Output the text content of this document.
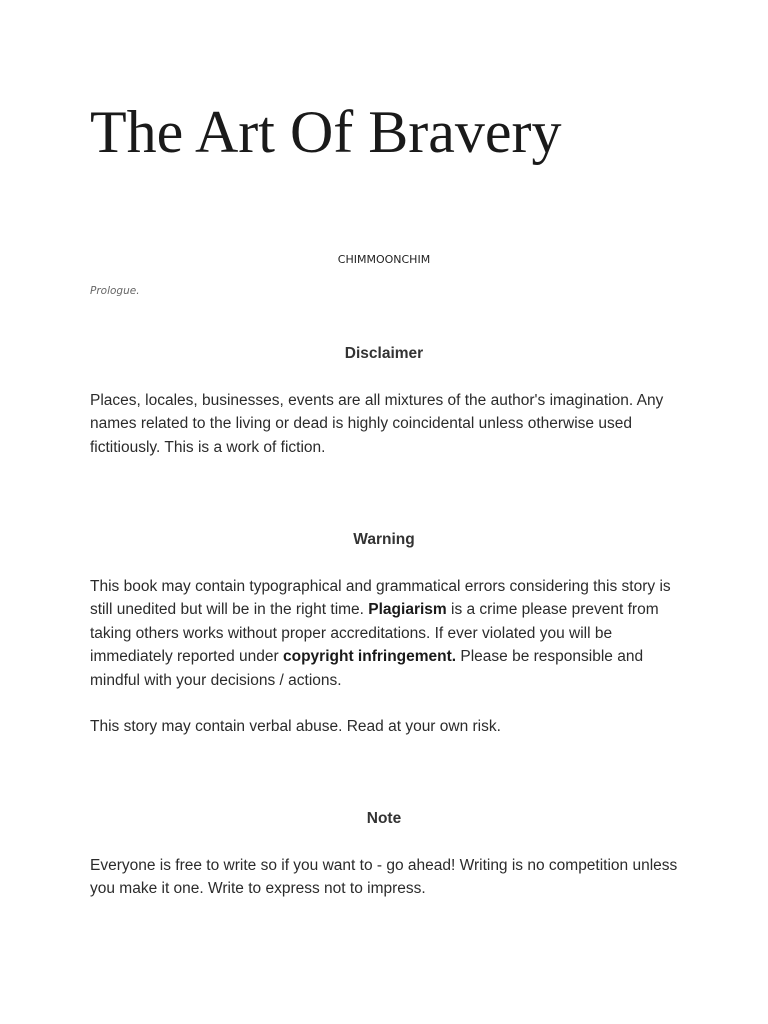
The Art Of Bravery
CHIMMOONCHIM
Prologue.
Disclaimer

Places, locales, businesses, events are all mixtures of the author's imagination. Any names related to the living or dead is highly coincidental unless otherwise used fictitiously. This is a work of fiction.

Warning

This book may contain typographical and grammatical errors considering this story is still unedited but will be in the right time. Plagiarism is a crime please prevent from taking others works without proper accreditations. If ever violated you will be immediately reported under copyright infringement. Please be responsible and mindful with your decisions / actions.

This story may contain verbal abuse. Read at your own risk.

Note

Everyone is free to write so if you want to - go ahead! Writing is no competition unless you make it one. Write to express not to impress.
